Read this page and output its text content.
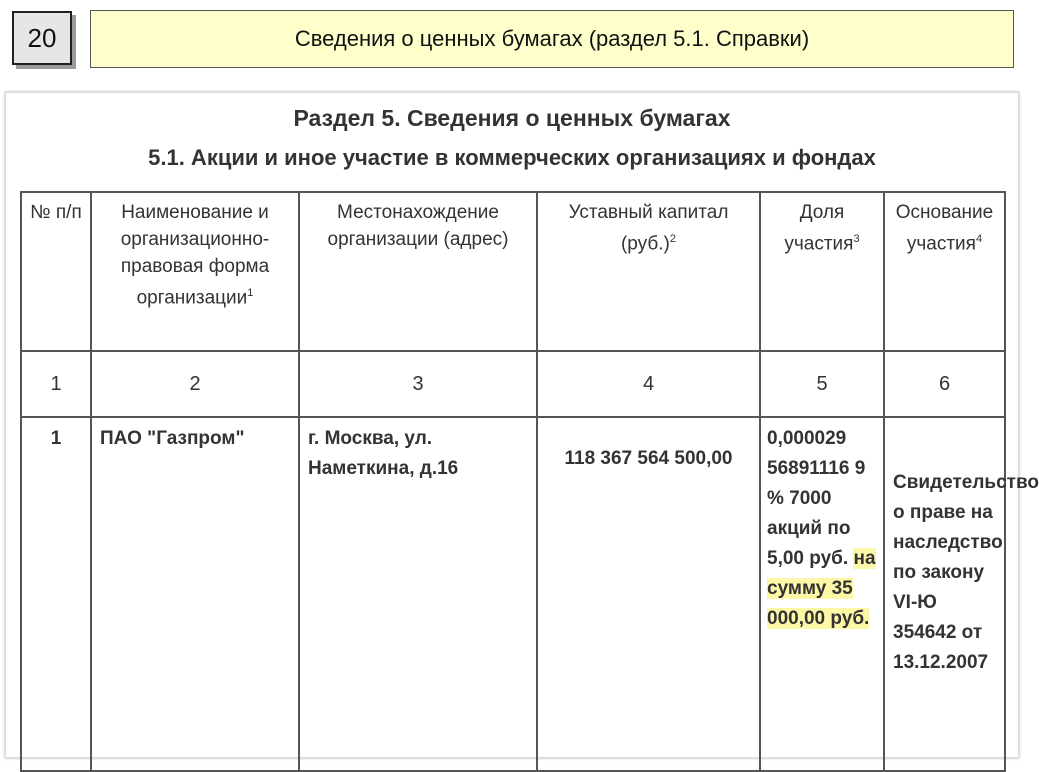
20	Сведения о ценных бумагах (раздел 5.1. Справки)
Раздел 5. Сведения о ценных бумагах
5.1. Акции и иное участие в коммерческих организациях и фондах
№ п/п	Наименование и организационно-правовая форма организации$^1$	Местонахождение организации (адрес)	Уставный капитал $(руб.)^2$	Доля участия$^3$	Основание участия$^4$
1	2	3	4	5	6
1	ПАО "Газпром"	г. Москва, ул. Наметкина, д.16	118 367 564 500,00	0,000029 56891116 9 % 7000 акций по 5,00 руб. на сумму 35 000,00 руб.	Свидетельство о праве на наследство по закону VI-Ю 354642 от 13.12.2007
